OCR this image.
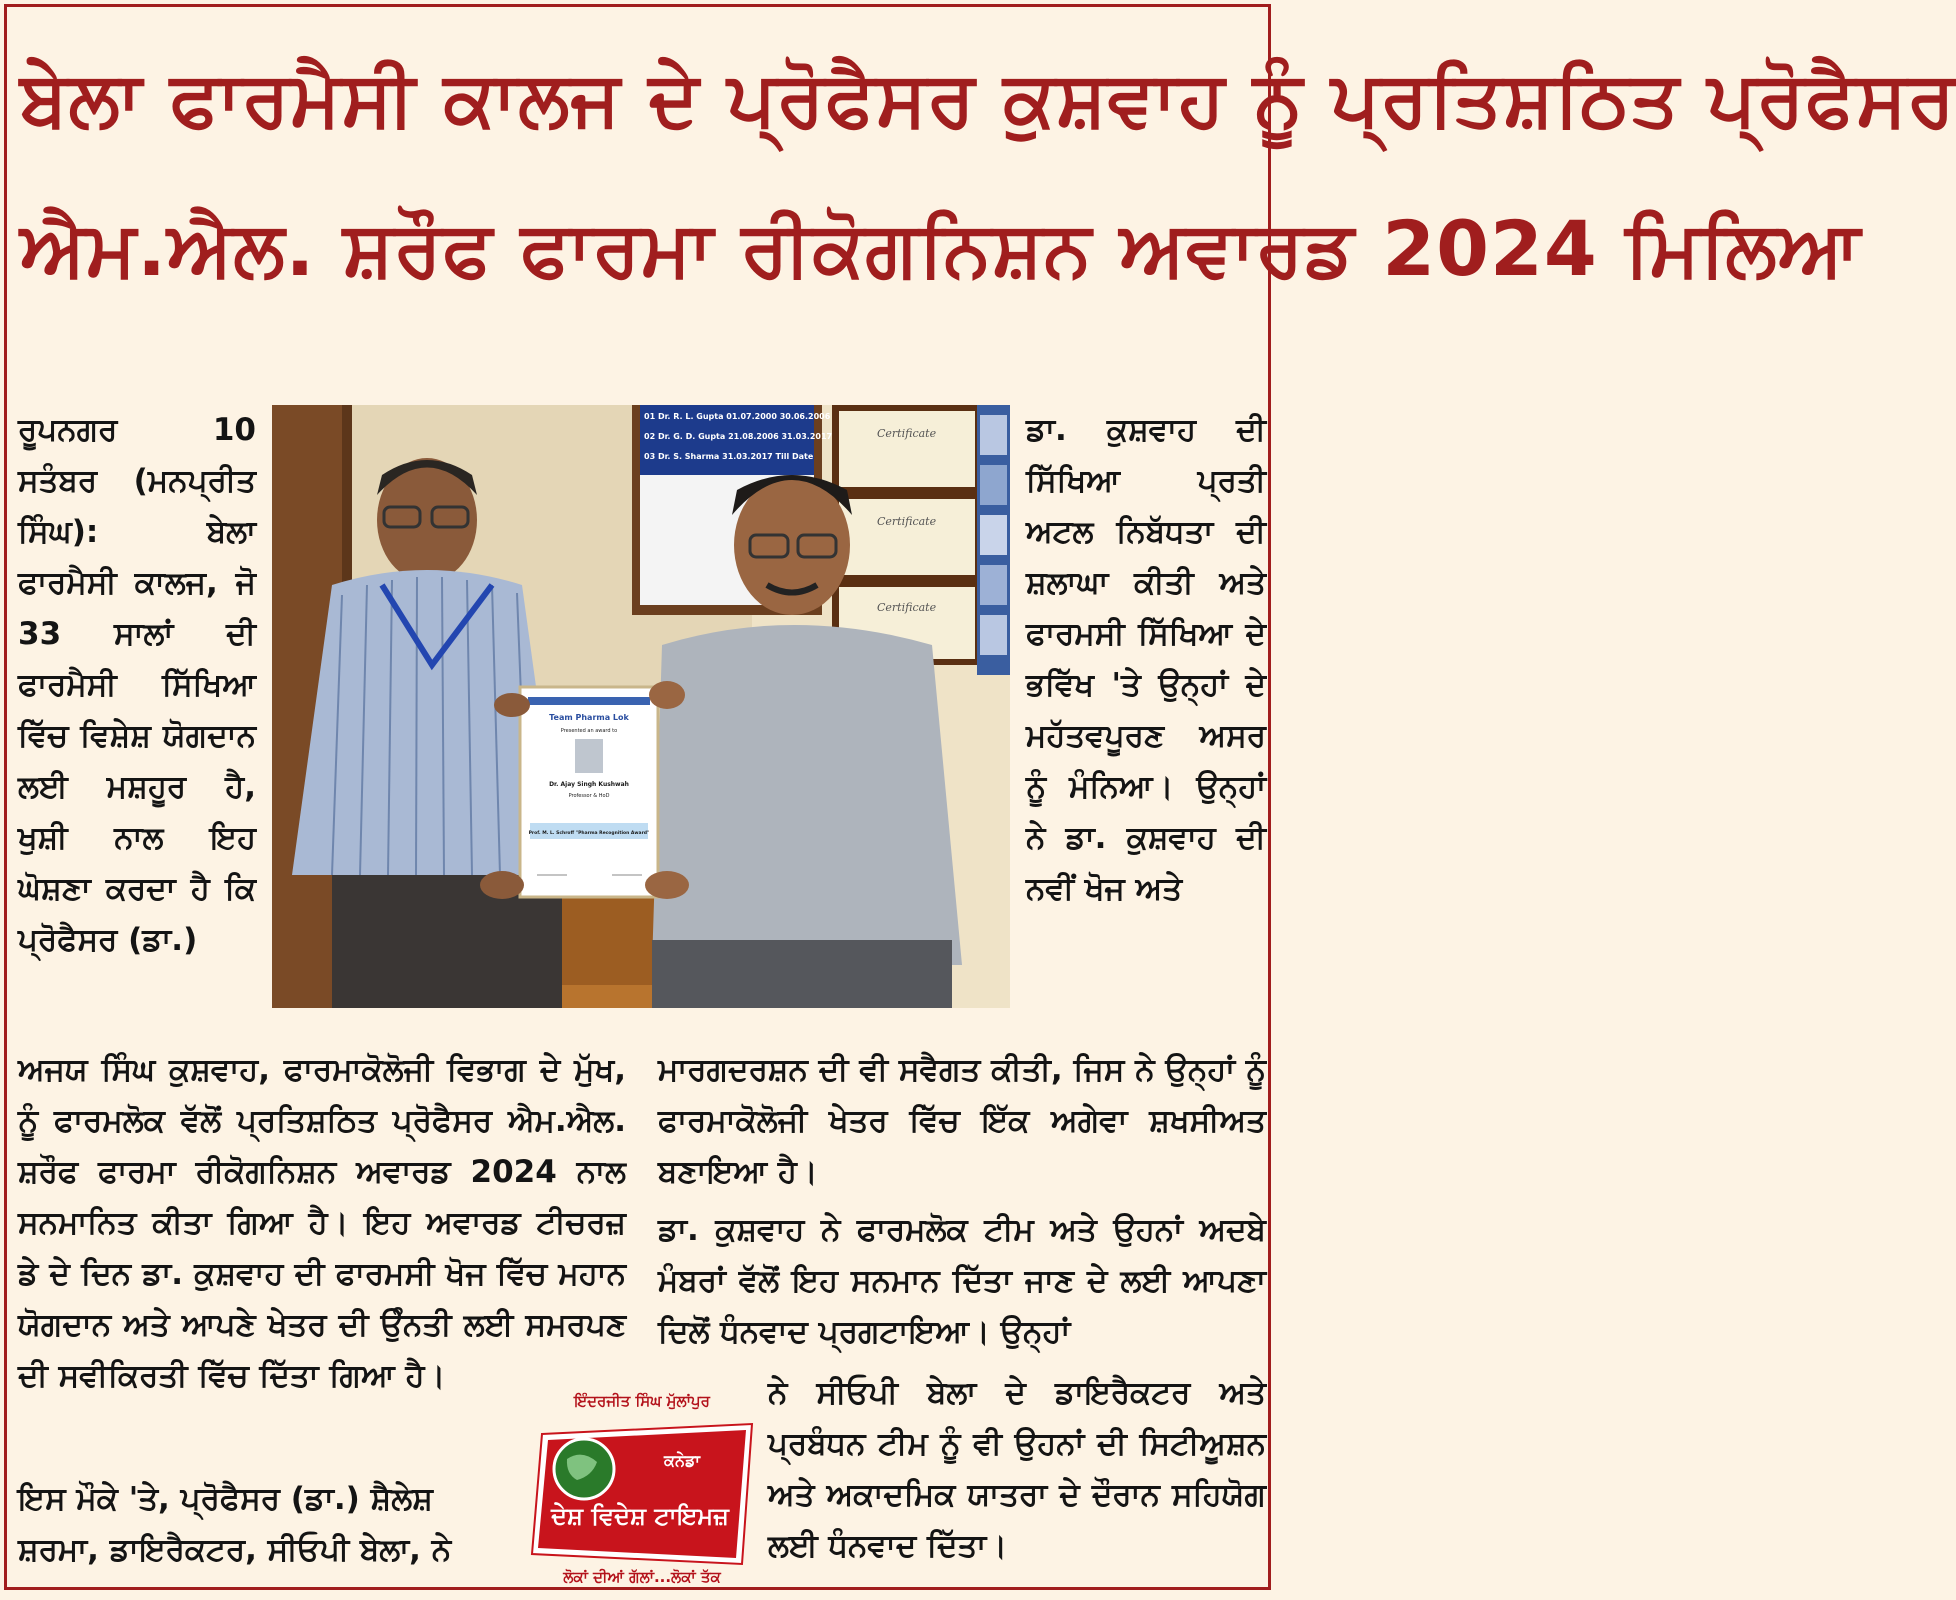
ਬੇਲਾ ਫਾਰਮੈਸੀ ਕਾਲਜ ਦੇ ਪ੍ਰੋਫੈਸਰ ਕੁਸ਼ਵਾਹ ਨੂੰ ਪ੍ਰਤਿਸ਼ਠਿਤ ਪ੍ਰੋਫੈਸਰ
ਐਮ.ਐਲ. ਸ਼ਰੌਫ ਫਾਰਮਾ ਰੀਕੋਗਨਿਸ਼ਨ ਅਵਾਰਡ 2024 ਮਿਲਿਆ

ਰੂਪਨਗਰ 10 ਸਤੰਬਰ (ਮਨਪ੍ਰੀਤ ਸਿੰਘ): ਬੇਲਾ ਫਾਰਮੈਸੀ ਕਾਲਜ, ਜੋ 33 ਸਾਲਾਂ ਦੀ ਫਾਰਮੈਸੀ ਸਿੱਖਿਆ ਵਿੱਚ ਵਿਸ਼ੇਸ਼ ਯੋਗਦਾਨ ਲਈ ਮਸ਼ਹੂਰ ਹੈ, ਖੁਸ਼ੀ ਨਾਲ ਇਹ ਘੋਸ਼ਣਾ ਕਰਦਾ ਹੈ ਕਿ ਪ੍ਰੋਫੈਸਰ (ਡਾ.)

ਡਾ. ਕੁਸ਼ਵਾਹ ਦੀ ਸਿੱਖਿਆ ਪ੍ਰਤੀ ਅਟਲ ਨਿਬੱਧਤਾ ਦੀ ਸ਼ਲਾਘਾ ਕੀਤੀ ਅਤੇ ਫਾਰਮਸੀ ਸਿੱਖਿਆ ਦੇ ਭਵਿੱਖ 'ਤੇ ਉਨ੍ਹਾਂ ਦੇ ਮਹੱਤਵਪੂਰਣ ਅਸਰ ਨੂੰ ਮੰਨਿਆ। ਉਨ੍ਹਾਂ ਨੇ ਡਾ. ਕੁਸ਼ਵਾਹ ਦੀ ਨਵੀਂ ਖੋਜ ਅਤੇ

01 Dr. R. L. Gupta 01.07.2000 30.06.2006
02 Dr. G. D. Gupta 21.08.2006 31.03.2017
03 Dr. S. Sharma 31.03.2017 Till Date
Certificate
Certificate
Certificate
Team Pharma Lok
Presented an award to
Dr. Ajay Singh Kushwah
Professor & HoD
Prof. M. L. Schroff "Pharma Recognition Award"

ਅਜਯ ਸਿੰਘ ਕੁਸ਼ਵਾਹ, ਫਾਰਮਾਕੋਲੋਜੀ ਵਿਭਾਗ ਦੇ ਮੁੱਖ, ਨੂੰ ਫਾਰਮਲੋਕ ਵੱਲੋਂ ਪ੍ਰਤਿਸ਼ਠਿਤ ਪ੍ਰੋਫੈਸਰ ਐਮ.ਐਲ. ਸ਼ਰੌਫ ਫਾਰਮਾ ਰੀਕੋਗਨਿਸ਼ਨ ਅਵਾਰਡ 2024 ਨਾਲ ਸਨਮਾਨਿਤ ਕੀਤਾ ਗਿਆ ਹੈ। ਇਹ ਅਵਾਰਡ ਟੀਚਰਜ਼ ਡੇ ਦੇ ਦਿਨ ਡਾ. ਕੁਸ਼ਵਾਹ ਦੀ ਫਾਰਮਸੀ ਖੋਜ ਵਿੱਚ ਮਹਾਨ ਯੋਗਦਾਨ ਅਤੇ ਆਪਣੇ ਖੇਤਰ ਦੀ ਉੰਨਤੀ ਲਈ ਸਮਰਪਣ ਦੀ ਸਵੀਕਿਰਤੀ ਵਿੱਚ ਦਿੱਤਾ ਗਿਆ ਹੈ।

ਇਸ ਮੌਕੇ 'ਤੇ, ਪ੍ਰੋਫੈਸਰ (ਡਾ.) ਸ਼ੈਲੇਸ਼ ਸ਼ਰਮਾ, ਡਾਇਰੈਕਟਰ, ਸੀਓਪੀ ਬੇਲਾ, ਨੇ

ਮਾਰਗਦਰਸ਼ਨ ਦੀ ਵੀ ਸਵੈਗਤ ਕੀਤੀ, ਜਿਸ ਨੇ ਉਨ੍ਹਾਂ ਨੂੰ ਫਾਰਮਾਕੋਲੋਜੀ ਖੇਤਰ ਵਿੱਚ ਇੱਕ ਅਗੇਵਾ ਸ਼ਖਸੀਅਤ ਬਣਾਇਆ ਹੈ।

ਡਾ. ਕੁਸ਼ਵਾਹ ਨੇ ਫਾਰਮਲੋਕ ਟੀਮ ਅਤੇ ਉਹਨਾਂ ਅਦਬੇ ਮੰਬਰਾਂ ਵੱਲੋਂ ਇਹ ਸਨਮਾਨ ਦਿੱਤਾ ਜਾਣ ਦੇ ਲਈ ਆਪਣਾ ਦਿਲੋਂ ਧੰਨਵਾਦ ਪ੍ਰਗਟਾਇਆ। ਉਨ੍ਹਾਂ

ਨੇ ਸੀਓਪੀ ਬੇਲਾ ਦੇ ਡਾਇਰੈਕਟਰ ਅਤੇ ਪ੍ਰਬੰਧਨ ਟੀਮ ਨੂੰ ਵੀ ਉਹਨਾਂ ਦੀ ਸਿਟੀਅੂਸ਼ਨ ਅਤੇ ਅਕਾਦਮਿਕ ਯਾਤਰਾ ਦੇ ਦੌਰਾਨ ਸਹਿਯੋਗ ਲਈ ਧੰਨਵਾਦ ਦਿੱਤਾ।

ਇੰਦਰਜੀਤ ਸਿੰਘ ਮੁੱਲਾਂਪੁਰ
ਕਨੇਡਾ
ਦੇਸ਼ ਵਿਦੇਸ਼ ਟਾਇਮਜ਼
ਲੋਕਾਂ ਦੀਆਂ ਗੱਲਾਂ...ਲੋਕਾਂ ਤੱਕ
